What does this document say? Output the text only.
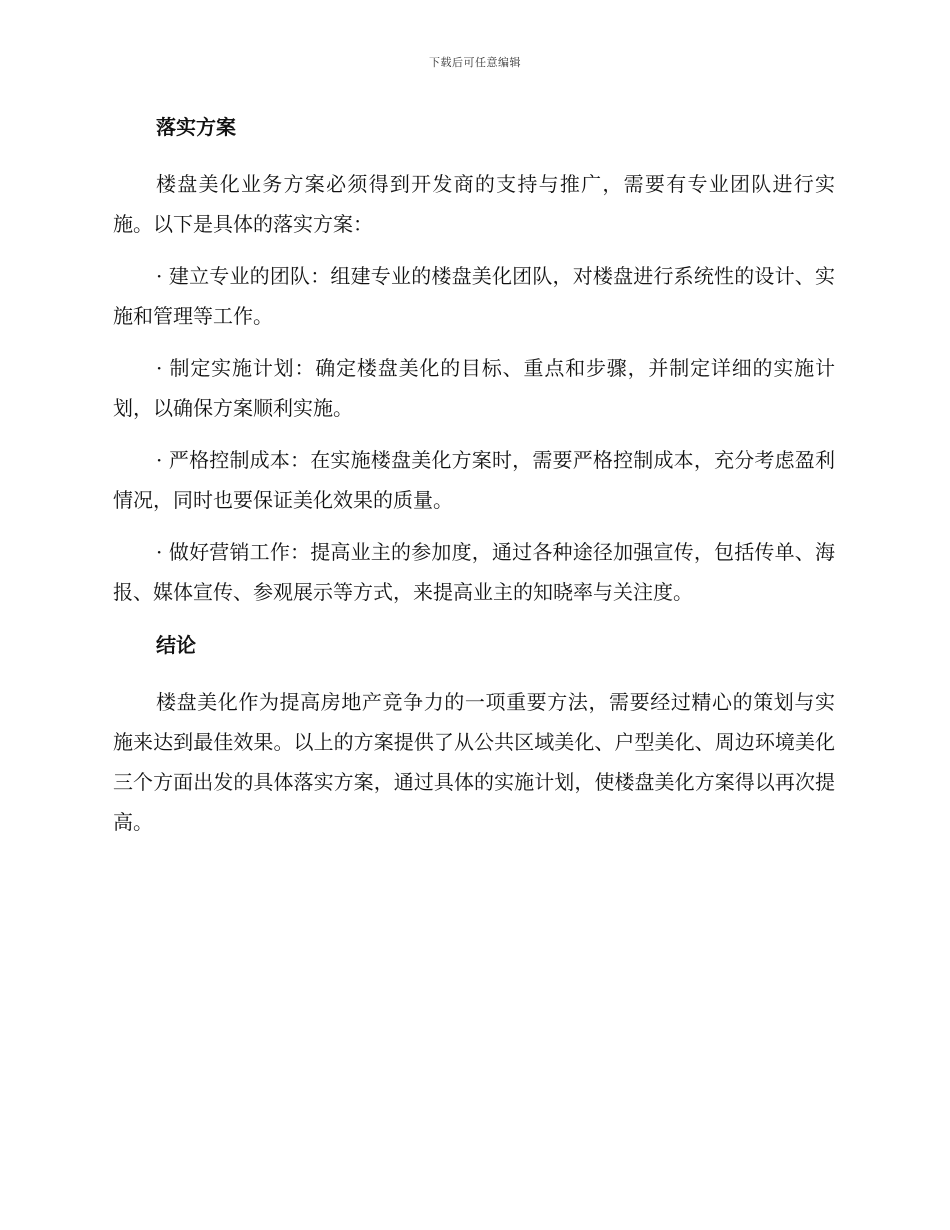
下载后可任意编辑
落实方案

楼盘美化业务方案必须得到开发商的支持与推广，需要有专业团队进行实施。以下是具体的落实方案：

· 建立专业的团队：组建专业的楼盘美化团队，对楼盘进行系统性的设计、实施和管理等工作。

· 制定实施计划：确定楼盘美化的目标、重点和步骤，并制定详细的实施计划，以确保方案顺利实施。

· 严格控制成本：在实施楼盘美化方案时，需要严格控制成本，充分考虑盈利情况，同时也要保证美化效果的质量。

· 做好营销工作：提高业主的参加度，通过各种途径加强宣传，包括传单、海报、媒体宣传、参观展示等方式，来提高业主的知晓率与关注度。

结论

楼盘美化作为提高房地产竞争力的一项重要方法，需要经过精心的策划与实施来达到最佳效果。以上的方案提供了从公共区域美化、户型美化、周边环境美化三个方面出发的具体落实方案，通过具体的实施计划，使楼盘美化方案得以再次提高。
